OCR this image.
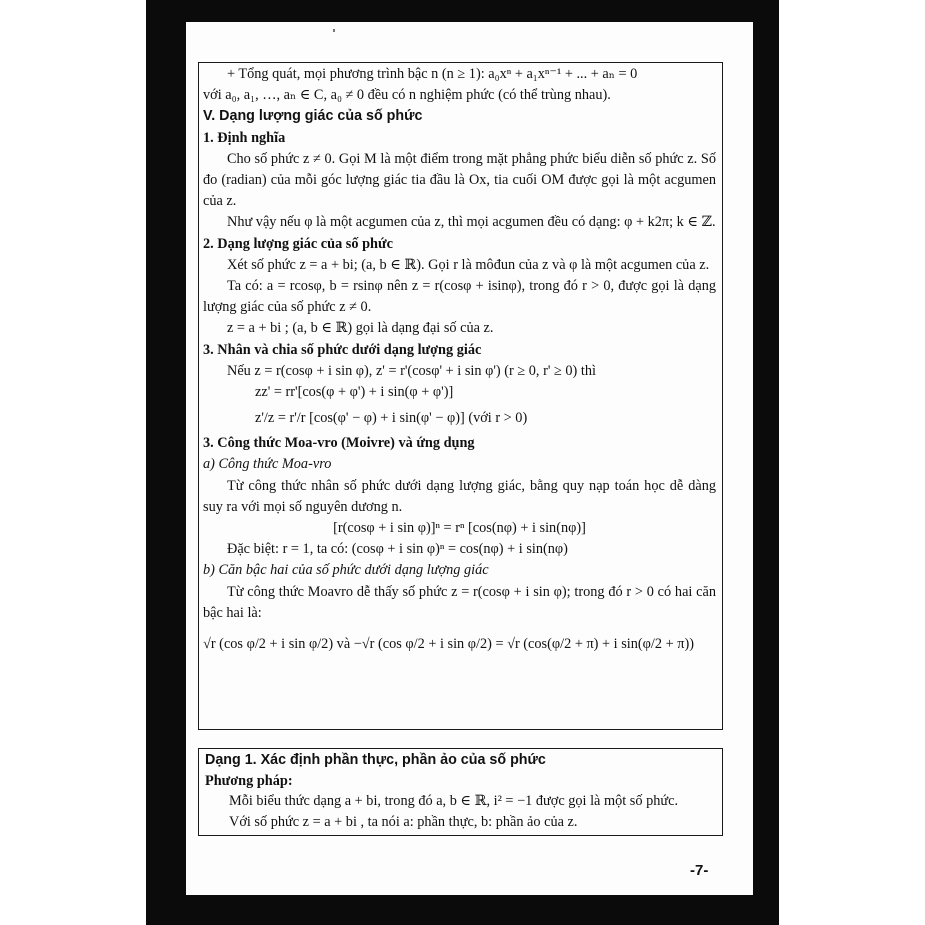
+ Tổng quát, mọi phương trình bậc n (n ≥ 1): a₀xⁿ + a₁xⁿ⁻¹ + ... + aₙ = 0

với a₀, a₁, …, aₙ ∈ C, a₀ ≠ 0 đều có n nghiệm phức (có thể trùng nhau).

V. Dạng lượng giác của số phức

1. Định nghĩa

Cho số phức z ≠ 0. Gọi M là một điểm trong mặt phẳng phức biểu diễn số phức z. Số đo (radian) của mỗi góc lượng giác tia đầu là Ox, tia cuối OM được gọi là một acgumen của z.

Như vậy nếu φ là một acgumen của z, thì mọi acgumen đều có dạng: φ + k2π; k ∈ ℤ.

2. Dạng lượng giác của số phức

Xét số phức z = a + bi; (a, b ∈ ℝ). Gọi r là môđun của z và φ là một acgumen của z.

Ta có: a = rcosφ, b = rsinφ nên z = r(cosφ + isinφ), trong đó r > 0, được gọi là dạng lượng giác của số phức z ≠ 0.

z = a + bi ; (a, b ∈ ℝ) gọi là dạng đại số của z.

3. Nhân và chia số phức dưới dạng lượng giác

Nếu z = r(cosφ + i sin φ), z' = r'(cosφ' + i sin φ') (r ≥ 0, r' ≥ 0) thì

zz' = rr'[cos(φ + φ') + i sin(φ + φ')]

z'/z = r'/r [cos(φ' − φ) + i sin(φ' − φ)] (với r > 0)

3. Công thức Moa-vro (Moivre) và ứng dụng

a) Công thức Moa-vro

Từ công thức nhân số phức dưới dạng lượng giác, bằng quy nạp toán học dễ dàng suy ra với mọi số nguyên dương n.

[r(cosφ + i sin φ)]ⁿ = rⁿ [cos(nφ) + i sin(nφ)]

Đặc biệt: r = 1, ta có: (cosφ + i sin φ)ⁿ = cos(nφ) + i sin(nφ)

b) Căn bậc hai của số phức dưới dạng lượng giác

Từ công thức Moavro dễ thấy số phức z = r(cosφ + i sin φ); trong đó r > 0 có hai căn bậc hai là:

√r (cos φ/2 + i sin φ/2) và −√r (cos φ/2 + i sin φ/2) = √r (cos(φ/2 + π) + i sin(φ/2 + π))

Dạng 1. Xác định phần thực, phần ảo của số phức

Phương pháp:

Mỗi biểu thức dạng a + bi, trong đó a, b ∈ ℝ, i² = −1 được gọi là một số phức.

Với số phức z = a + bi , ta nói a: phần thực, b: phần ảo của z.

-7-
